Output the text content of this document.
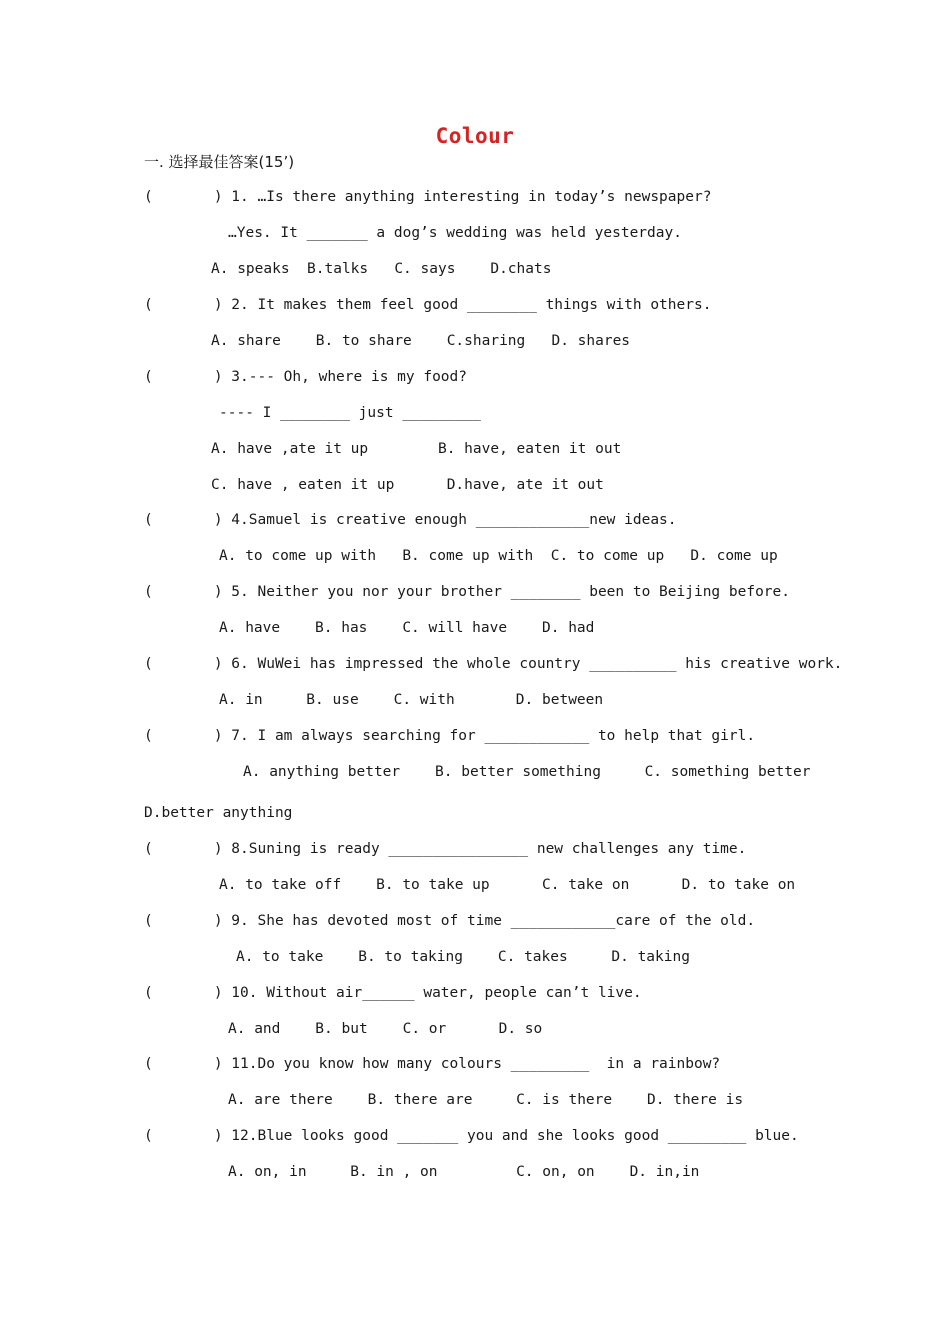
Colour
一. 选择最佳答案(15’)
(       ) 1. …Is there anything interesting in today’s newspaper?
…Yes. It _______ a dog’s wedding was held yesterday.
A. speaks  B.talks   C. says    D.chats
(       ) 2. It makes them feel good ________ things with others.
A. share    B. to share    C.sharing   D. shares
(       ) 3.--- Oh, where is my food?
---- I ________ just _________
A. have ,ate it up        B. have, eaten it out
C. have , eaten it up      D.have, ate it out
(       ) 4.Samuel is creative enough _____________new ideas.
A. to come up with   B. come up with  C. to come up   D. come up
(       ) 5. Neither you nor your brother ________ been to Beijing before.
A. have    B. has    C. will have    D. had
(       ) 6. WuWei has impressed the whole country __________ his creative work.
A. in     B. use    C. with       D. between
(       ) 7. I am always searching for ____________ to help that girl.
A. anything better    B. better something     C. something better
D.better anything
(       ) 8.Suning is ready ________________ new challenges any time.
A. to take off    B. to take up      C. take on      D. to take on
(       ) 9. She has devoted most of time ____________care of the old.
A. to take    B. to taking    C. takes     D. taking
(       ) 10. Without air______ water, people can’t live.
A. and    B. but    C. or      D. so
(       ) 11.Do you know how many colours _________  in a rainbow?
A. are there    B. there are     C. is there    D. there is
(       ) 12.Blue looks good _______ you and she looks good _________ blue.
A. on, in     B. in , on         C. on, on    D. in,in
